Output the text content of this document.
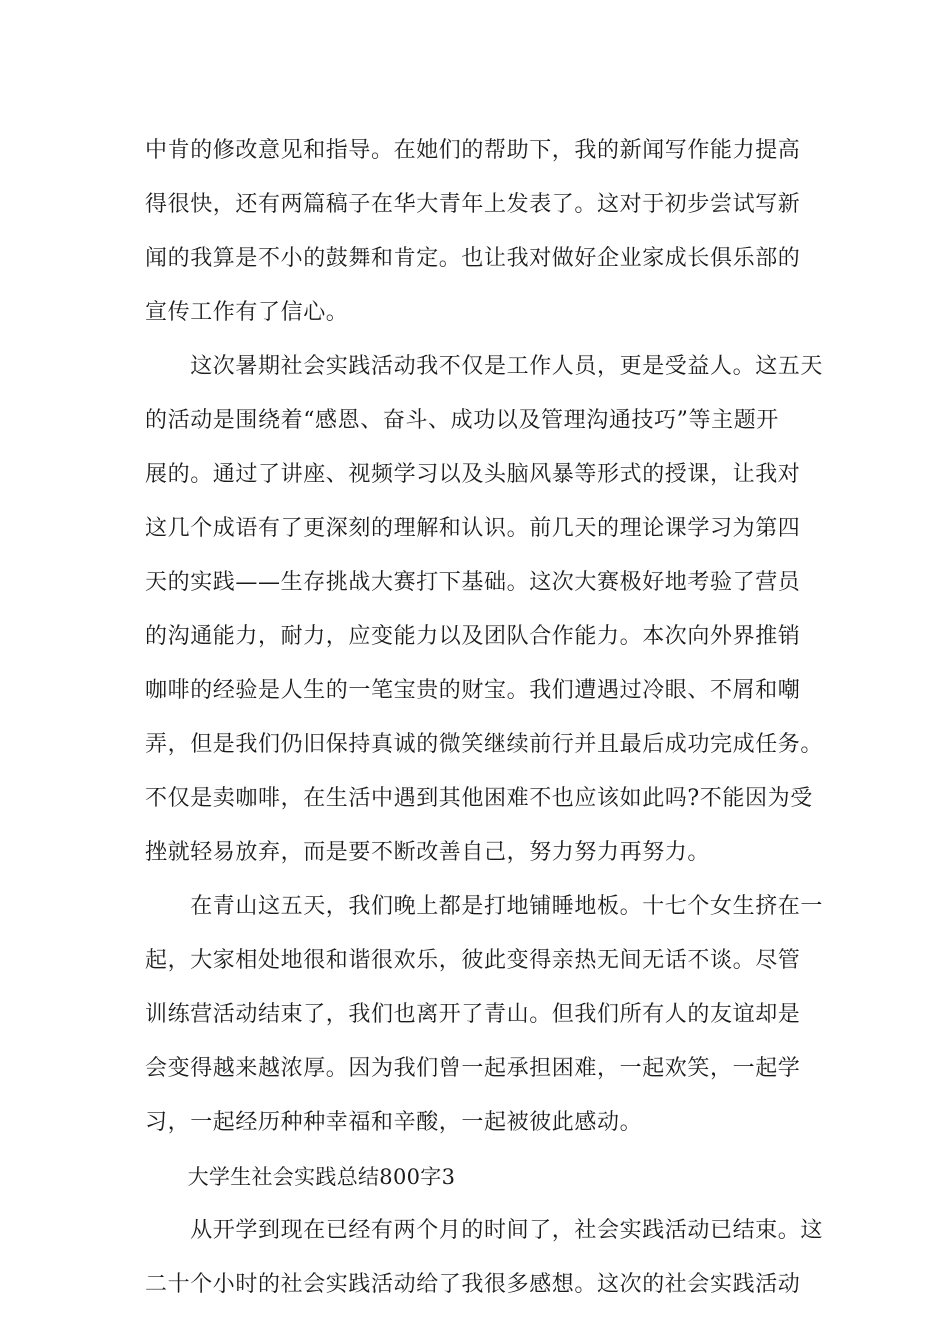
中肯的修改意见和指导。在她们的帮助下，我的新闻写作能力提高
得很快，还有两篇稿子在华大青年上发表了。这对于初步尝试写新
闻的我算是不小的鼓舞和肯定。也让我对做好企业家成长俱乐部的
宣传工作有了信心。
　　这次暑期社会实践活动我不仅是工作人员，更是受益人。这五天
的活动是围绕着“感恩、奋斗、成功以及管理沟通技巧”等主题开
展的。通过了讲座、视频学习以及头脑风暴等形式的授课，让我对
这几个成语有了更深刻的理解和认识。前几天的理论课学习为第四
天的实践——生存挑战大赛打下基础。这次大赛极好地考验了营员
的沟通能力，耐力，应变能力以及团队合作能力。本次向外界推销
咖啡的经验是人生的一笔宝贵的财宝。我们遭遇过冷眼、不屑和嘲
弄，但是我们仍旧保持真诚的微笑继续前行并且最后成功完成任务。
不仅是卖咖啡，在生活中遇到其他困难不也应该如此吗?不能因为受
挫就轻易放弃，而是要不断改善自己，努力努力再努力。
　　在青山这五天，我们晚上都是打地铺睡地板。十七个女生挤在一
起，大家相处地很和谐很欢乐，彼此变得亲热无间无话不谈。尽管
训练营活动结束了，我们也离开了青山。但我们所有人的友谊却是
会变得越来越浓厚。因为我们曾一起承担困难，一起欢笑，一起学
习，一起经历种种幸福和辛酸，一起被彼此感动。
　　大学生社会实践总结800字3
　　从开学到现在已经有两个月的时间了，社会实践活动已结束。这
二十个小时的社会实践活动给了我很多感想。这次的社会实践活动
